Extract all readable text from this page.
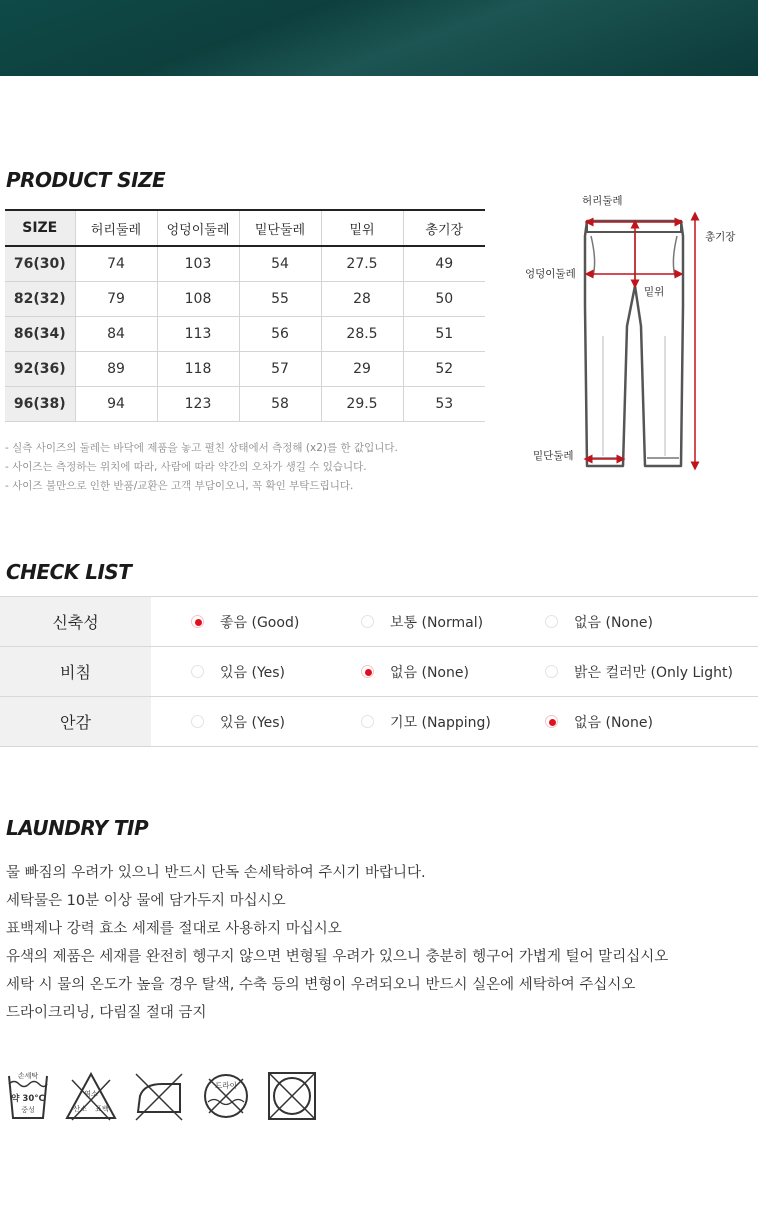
PRODUCT SIZE
SIZE	허리둘레	엉덩이둘레	밑단둘레	밑위	총기장
76(30)	74	103	54	27.5	49
82(32)	79	108	55	28	50
86(34)	84	113	56	28.5	51
92(36)	89	118	57	29	52
96(38)	94	123	58	29.5	53
- 실측 사이즈의 둘레는 바닥에 제품을 놓고 펼친 상태에서 측정해 (x2)를 한 값입니다.
- 사이즈는 측정하는 위치에 따라, 사람에 따라 약간의 오차가 생길 수 있습니다.
- 사이즈 불만으로 인한 반품/교환은 고객 부담이오니, 꼭 확인 부탁드립니다.
허리둘레
총기장
엉덩이둘레
밑위
밑단둘레
CHECK LIST
신축성	좋음 (Good)	보통 (Normal)	없음 (None)

비침	있음 (Yes)	없음 (None)	밝은 컬러만 (Only Light)

안감	있음 (Yes)	기모 (Napping)	없음 (None)
LAUNDRY TIP
물 빠짐의 우려가 있으니 반드시 단독 손세탁하여 주시기 바랍니다.
세탁물은 10분 이상 물에 담가두지 마십시오
표백제나 강력 효소 세제를 절대로 사용하지 마십시오
유색의 제품은 세재를 완전히 헹구지 않으면 변형될 우려가 있으니 충분히 헹구어 가볍게 털어 말리십시오
세탁 시 물의 온도가 높을 경우 탈색, 수축 등의 변형이 우려되오니 반드시 실온에 세탁하여 주십시오
드라이크리닝, 다림질 절대 금지
손세탁
약 30°C
중성
염소
산소 표백
드라이
